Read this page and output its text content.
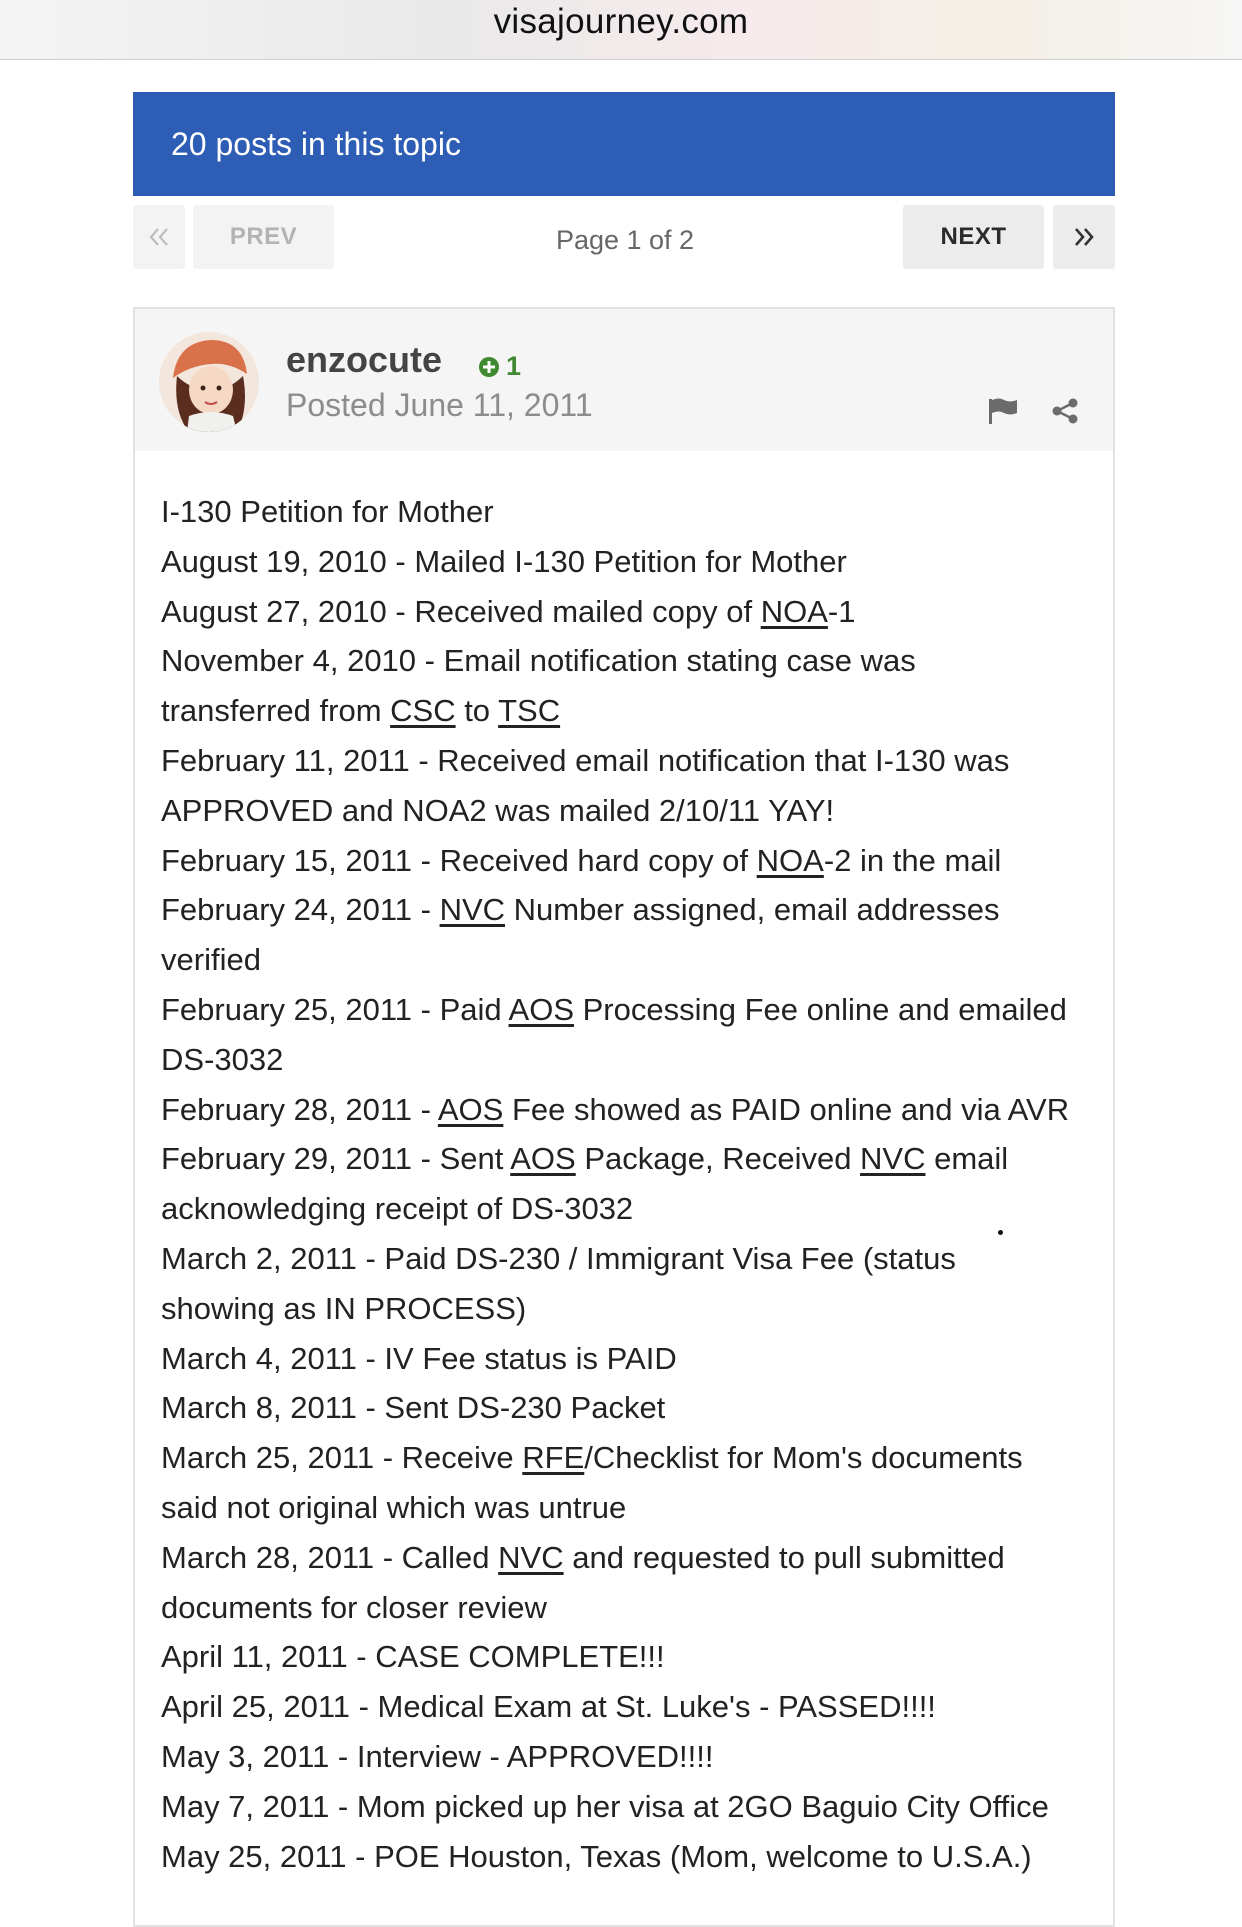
visajourney.com
20 posts in this topic
PREV	Page 1 of 2	NEXT
enzocute 1
Posted June 11, 2011
I-130 Petition for Mother
August 19, 2010 - Mailed I-130 Petition for Mother
August 27, 2010 - Received mailed copy of NOA-1
November 4, 2010 - Email notification stating case was
transferred from CSC to TSC
February 11, 2011 - Received email notification that I-130 was
APPROVED and NOA2 was mailed 2/10/11 YAY!
February 15, 2011 - Received hard copy of NOA-2 in the mail
February 24, 2011 - NVC Number assigned, email addresses
verified
February 25, 2011 - Paid AOS Processing Fee online and emailed
DS-3032
February 28, 2011 - AOS Fee showed as PAID online and via AVR
February 29, 2011 - Sent AOS Package, Received NVC email
acknowledging receipt of DS-3032
March 2, 2011 - Paid DS-230 / Immigrant Visa Fee (status
showing as IN PROCESS)
March 4, 2011 - IV Fee status is PAID
March 8, 2011 - Sent DS-230 Packet
March 25, 2011 - Receive RFE/Checklist for Mom's documents
said not original which was untrue
March 28, 2011 - Called NVC and requested to pull submitted
documents for closer review
April 11, 2011 - CASE COMPLETE!!!
April 25, 2011 - Medical Exam at St. Luke's - PASSED!!!!
May 3, 2011 - Interview - APPROVED!!!!
May 7, 2011 - Mom picked up her visa at 2GO Baguio City Office
May 25, 2011 - POE Houston, Texas (Mom, welcome to U.S.A.)
